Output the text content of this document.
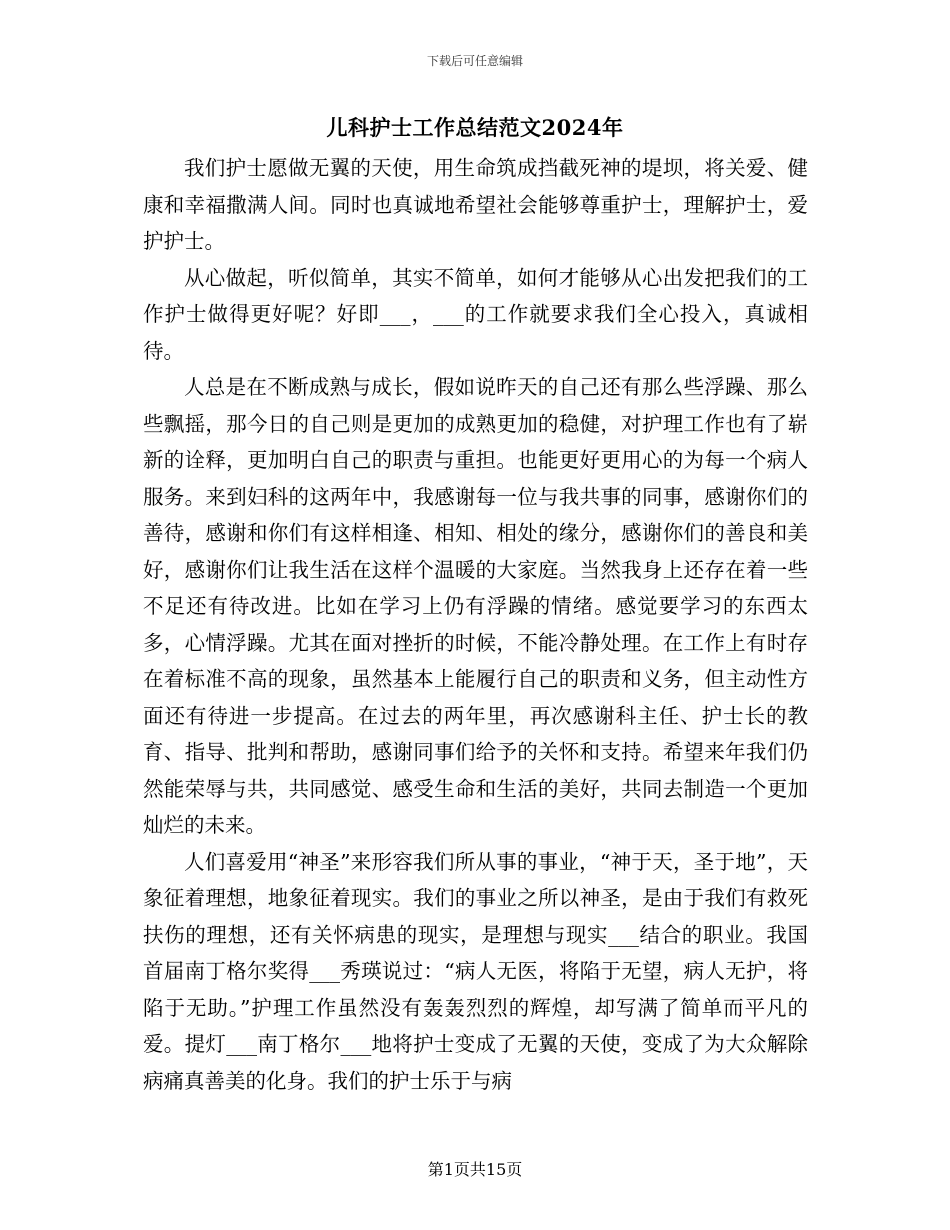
下载后可任意编辑
儿科护士工作总结范文2024年

我们护士愿做无翼的天使，用生命筑成挡截死神的堤坝，将关爱、健康和幸福撒满人间。同时也真诚地希望社会能够尊重护士，理解护士，爱护护士。

从心做起，听似简单，其实不简单，如何才能够从心出发把我们的工作护士做得更好呢？好即___，___的工作就要求我们全心投入，真诚相待。

人总是在不断成熟与成长，假如说昨天的自己还有那么些浮躁、那么些飘摇，那今日的自己则是更加的成熟更加的稳健，对护理工作也有了崭新的诠释，更加明白自己的职责与重担。也能更好更用心的为每一个病人服务。来到妇科的这两年中，我感谢每一位与我共事的同事，感谢你们的善待，感谢和你们有这样相逢、相知、相处的缘分，感谢你们的善良和美好，感谢你们让我生活在这样个温暖的大家庭。当然我身上还存在着一些不足还有待改进。比如在学习上仍有浮躁的情绪。感觉要学习的东西太多，心情浮躁。尤其在面对挫折的时候，不能冷静处理。在工作上有时存在着标准不高的现象，虽然基本上能履行自己的职责和义务，但主动性方面还有待进一步提高。在过去的两年里，再次感谢科主任、护士长的教育、指导、批判和帮助，感谢同事们给予的关怀和支持。希望来年我们仍然能荣辱与共，共同感觉、感受生命和生活的美好，共同去制造一个更加灿烂的未来。

人们喜爱用“神圣”来形容我们所从事的事业，“神于天，圣于地”，天象征着理想，地象征着现实。我们的事业之所以神圣，是由于我们有救死扶伤的理想，还有关怀病患的现实，是理想与现实___结合的职业。我国首届南丁格尔奖得___秀瑛说过：“病人无医，将陷于无望，病人无护，将陷于无助。”护理工作虽然没有轰轰烈烈的辉煌，却写满了简单而平凡的爱。提灯___南丁格尔___地将护士变成了无翼的天使，变成了为大众解除病痛真善美的化身。我们的护士乐于与病

第1页共15页
